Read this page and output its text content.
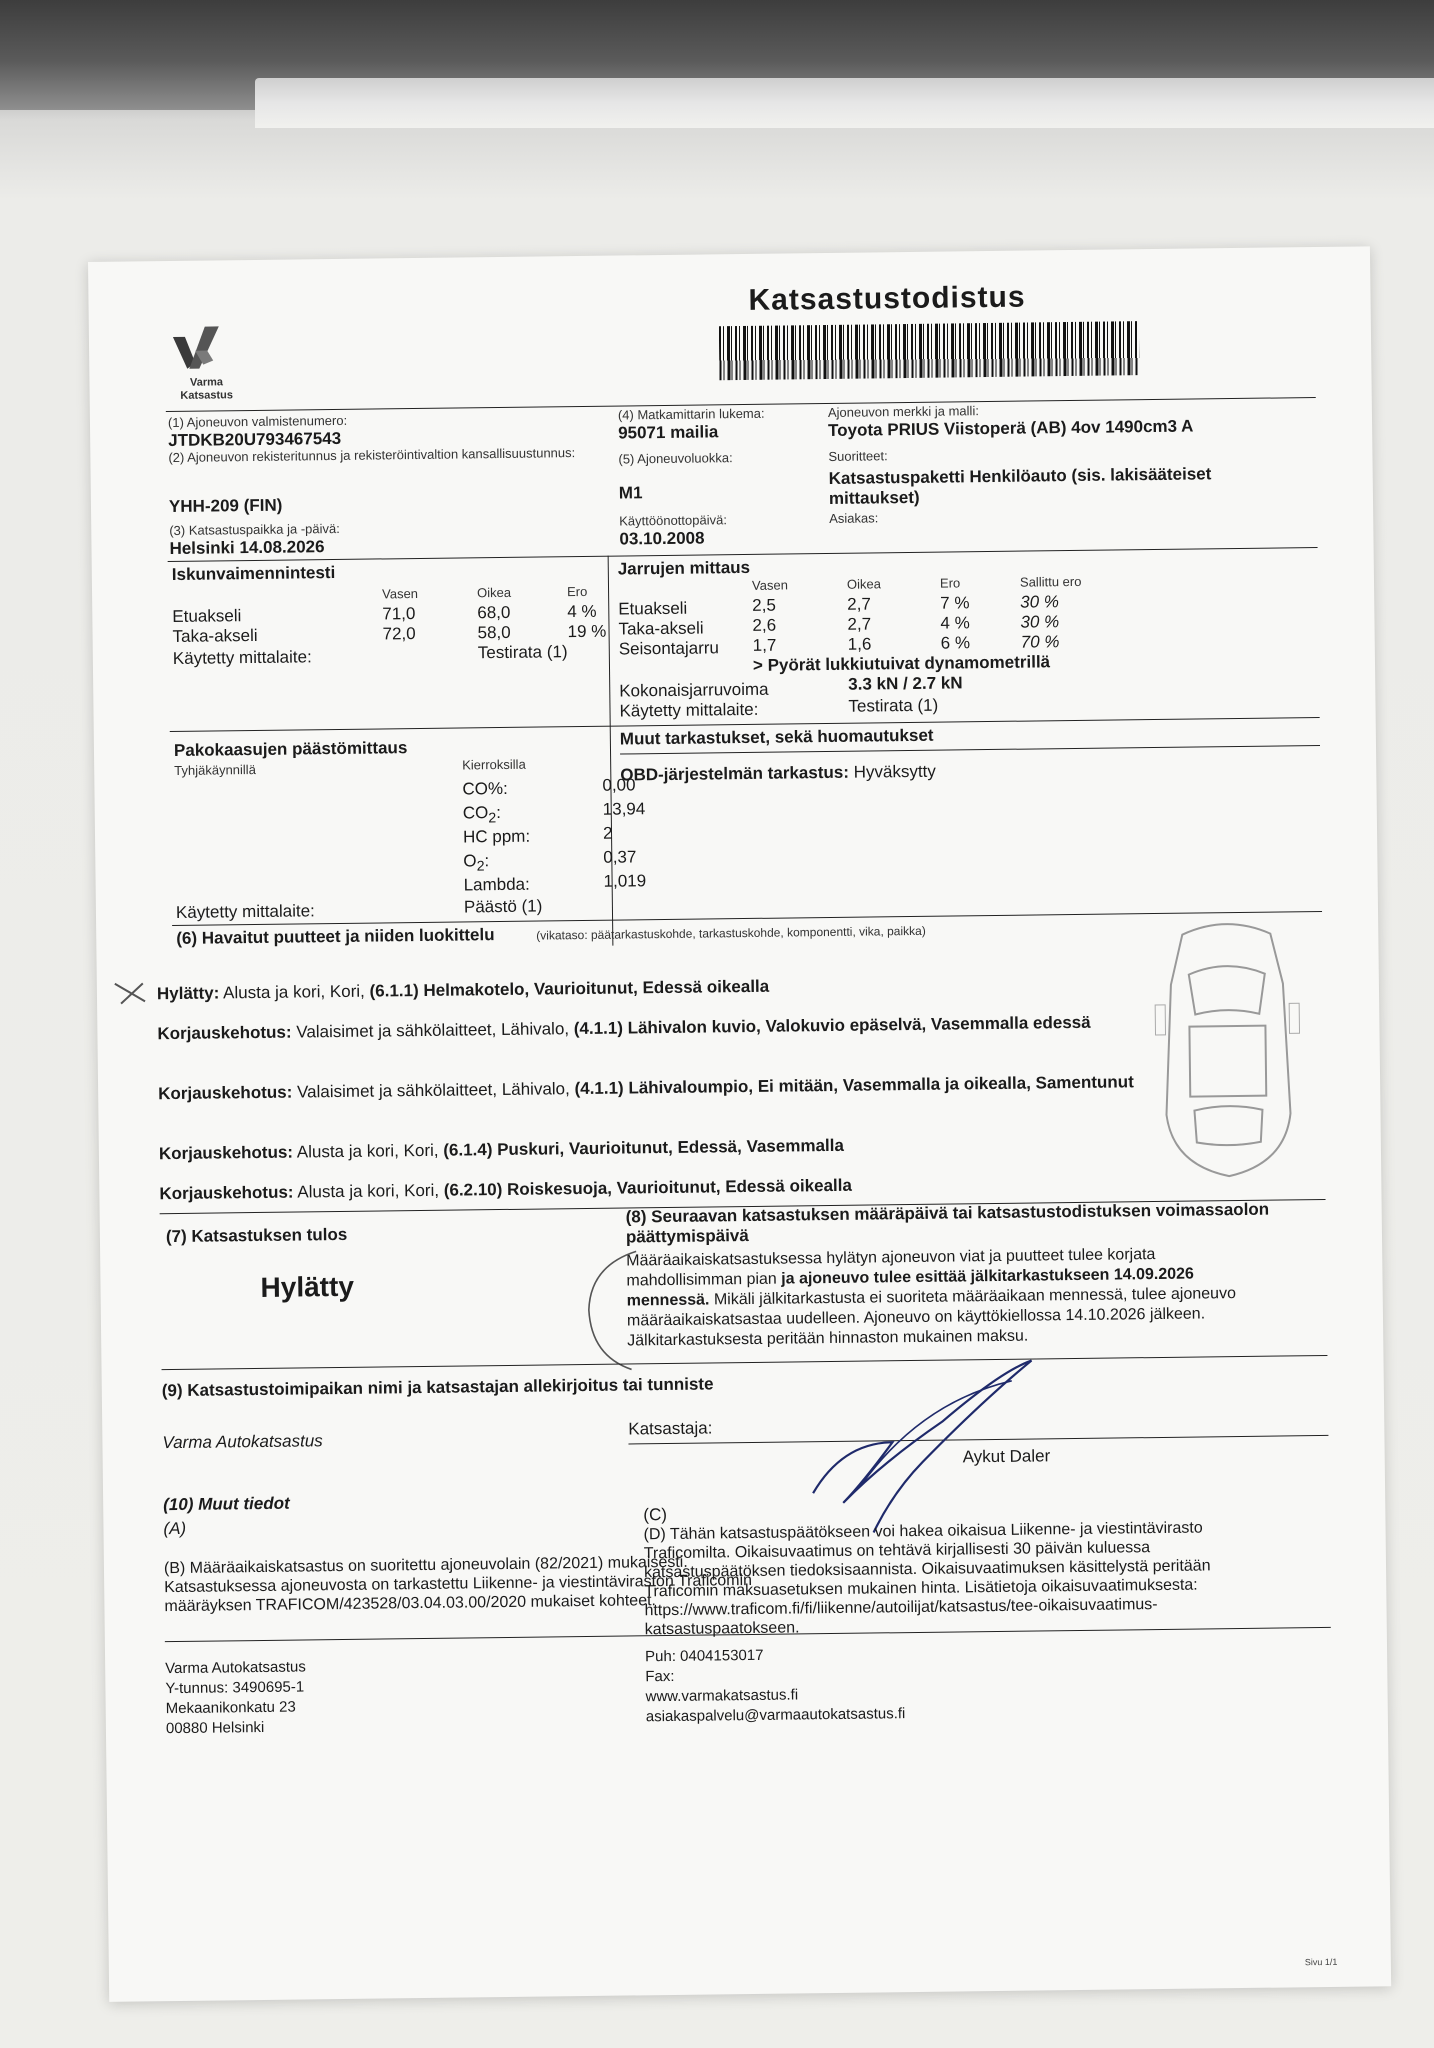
Varma Katsastus
Katsastustodistus
(1) Ajoneuvon valmistenumero:
JTDKB20U793467543
(2) Ajoneuvon rekisteritunnus ja rekisteröintivaltion kansallisuustunnus:
YHH-209 (FIN)
(3) Katsastuspaikka ja -päivä:
Helsinki 14.08.2026
(4) Matkamittarin lukema:
95071 mailia
(5) Ajoneuvoluokka:
M1
Käyttöönottopäivä:
03.10.2008
Ajoneuvon merkki ja malli:
Toyota PRIUS Viistoperä (AB) 4ov 1490cm3 A
Suoritteet:
Katsastuspaketti Henkilöauto (sis. lakisääteiset mittaukset)
Asiakas:
Iskunvaimennintesti
Vasen	Oikea	Ero
Etuakseli	71,0	68,0	4 %
Taka-akseli	72,0	58,0	19 %
Käytetty mittalaite:	Testirata (1)
Jarrujen mittaus
Vasen	Oikea	Ero	Sallittu ero
Etuakseli	2,5	2,7	7 %	30 %
Taka-akseli	2,6	2,7	4 %	30 %
Seisontajarru 1,7	1,6	6 %	70 %
> Pyörät lukkiutuivat dynamometrillä
Kokonaisjarruvoima	3.3 kN / 2.7 kN
Käytetty mittalaite:	Testirata (1)
Pakokaasujen päästömittaus
Tyhjäkäynnillä	Kierroksilla
CO%:	0,00
$CO_2$:	13,94
HC ppm:	2
$O_2$:	0,37
Lambda:	1,019
Käytetty mittalaite:	Päästö (1)
Muut tarkastukset, sekä huomautukset
OBD-järjestelmän tarkastus: Hyväksytty
(6) Havaitut puutteet ja niiden luokittelu	(vikataso: päätarkastuskohde, tarkastuskohde, komponentti, vika, paikka)
Hylätty: Alusta ja kori, Kori, (6.1.1) Helmakotelo, Vaurioitunut, Edessä oikealla
Korjauskehotus: Valaisimet ja sähkölaitteet, Lähivalo, (4.1.1) Lähivalon kuvio, Valokuvio epäselvä, Vasemmalla edessä
Korjauskehotus: Valaisimet ja sähkölaitteet, Lähivalo, (4.1.1) Lähivaloumpio, Ei mitään, Vasemmalla ja oikealla, Samentunut
Korjauskehotus: Alusta ja kori, Kori, (6.1.4) Puskuri, Vaurioitunut, Edessä, Vasemmalla
Korjauskehotus: Alusta ja kori, Kori, (6.2.10) Roiskesuoja, Vaurioitunut, Edessä oikealla
(7) Katsastuksen tulos
Hylätty
(8) Seuraavan katsastuksen määräpäivä tai katsastustodistuksen voimassaolon päättymispäivä
Määräaikaiskatsastuksessa hylätyn ajoneuvon viat ja puutteet tulee korjata mahdollisimman pian ja ajoneuvo tulee esittää jälkitarkastukseen 14.09.2026 mennessä. Mikäli jälkitarkastusta ei suoriteta määräaikaan mennessä, tulee ajoneuvo määräaikaiskatsastaa uudelleen. Ajoneuvo on käyttökiellossa 14.10.2026 jälkeen. Jälkitarkastuksesta peritään hinnaston mukainen maksu.
(9) Katsastustoimipaikan nimi ja katsastajan allekirjoitus tai tunniste
Varma Autokatsastus
Katsastaja:
Aykut Daler
(10) Muut tiedot
(A)
(B) Määräaikaiskatsastus on suoritettu ajoneuvolain (82/2021) mukaisesti. Katsastuksessa ajoneuvosta on tarkastettu Liikenne- ja viestintäviraston Traficomin määräyksen TRAFICOM/423528/03.04.03.00/2020 mukaiset kohteet.
(C)
(D) Tähän katsastuspäätökseen voi hakea oikaisua Liikenne- ja viestintävirasto Traficomilta. Oikaisuvaatimus on tehtävä kirjallisesti 30 päivän kuluessa katsastuspäätöksen tiedoksisaannista. Oikaisuvaatimuksen käsittelystä peritään Traficomin maksuasetuksen mukainen hinta. Lisätietoja oikaisuvaatimuksesta: https://www.traficom.fi/fi/liikenne/autoilijat/katsastus/tee-oikaisuvaatimus-katsastuspaatokseen.
Varma Autokatsastus
Y-tunnus: 3490695-1
Mekaanikonkatu 23
00880 Helsinki
Puh: 0404153017
Fax:
www.varmakatsastus.fi
asiakaspalvelu@varmaautokatsastus.fi
Sivu 1/1
